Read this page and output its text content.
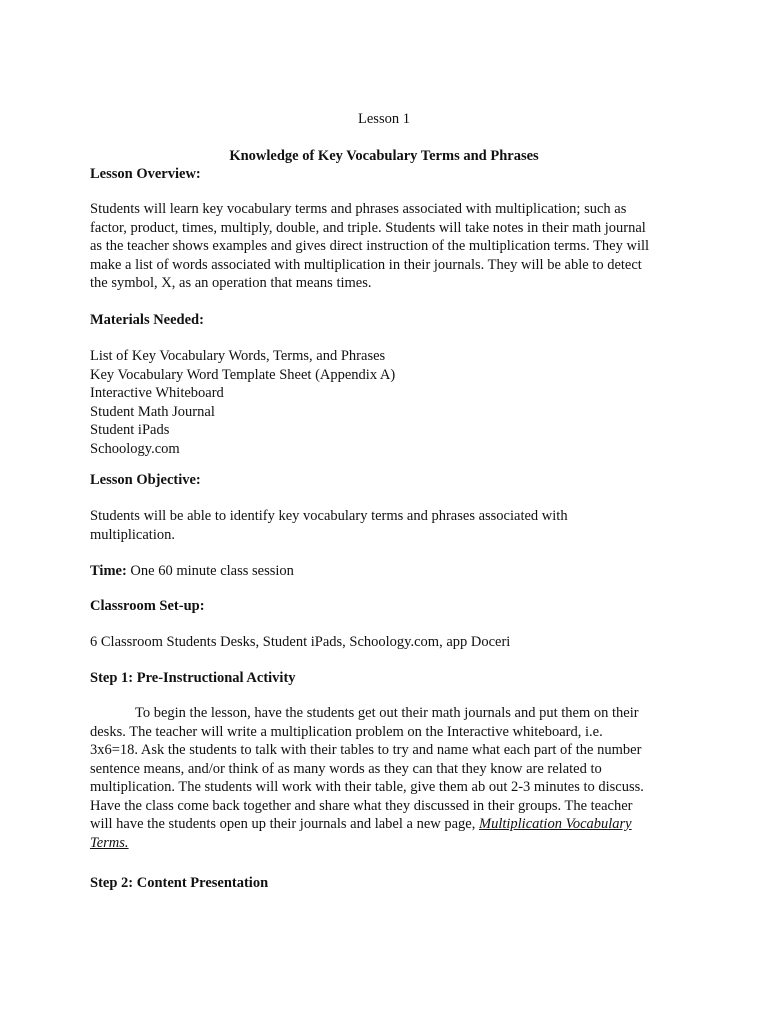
Lesson 1

Knowledge of Key Vocabulary Terms and Phrases

Lesson Overview:

Students will learn key vocabulary terms and phrases associated with multiplication; such as
factor, product, times, multiply, double, and triple. Students will take notes in their math journal
as the teacher shows examples and gives direct instruction of the multiplication terms. They will
make a list of words associated with multiplication in their journals. They will be able to detect
the symbol, X, as an operation that means times.

Materials Needed:

List of Key Vocabulary Words, Terms, and Phrases
Key Vocabulary Word Template Sheet (Appendix A)
Interactive Whiteboard
Student Math Journal
Student iPads
Schoology.com

Lesson Objective:

Students will be able to identify key vocabulary terms and phrases associated with
multiplication.

Time: One 60 minute class session

Classroom Set-up:

6 Classroom Students Desks, Student iPads, Schoology.com, app Doceri

Step 1: Pre-Instructional Activity

To begin the lesson, have the students get out their math journals and put them on their
desks. The teacher will write a multiplication problem on the Interactive whiteboard, i.e.
3x6=18. Ask the students to talk with their tables to try and name what each part of the number
sentence means, and/or think of as many words as they can that they know are related to
multiplication. The students will work with their table, give them ab out 2-3 minutes to discuss.
Have the class come back together and share what they discussed in their groups. The teacher
will have the students open up their journals and label a new page, Multiplication Vocabulary
Terms.

Step 2: Content Presentation
